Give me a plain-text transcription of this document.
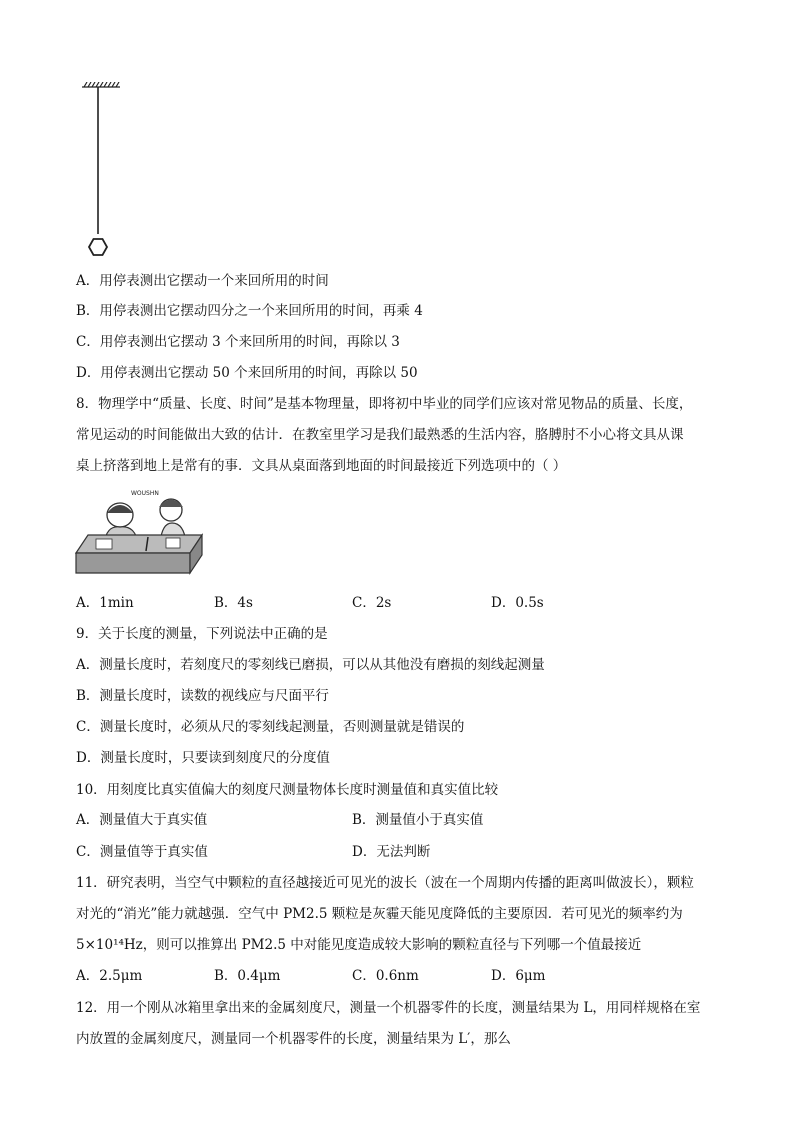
A．用停表测出它摆动一个来回所用的时间
B．用停表测出它摆动四分之一个来回所用的时间，再乘 4
C．用停表测出它摆动 3 个来回所用的时间，再除以 3
D．用停表测出它摆动 50 个来回所用的时间，再除以 50
8．物理学中“质量、长度、时间”是基本物理量，即将初中毕业的同学们应该对常见物品的质量、长度，
常见运动的时间能做出大致的估计．在教室里学习是我们最熟悉的生活内容，胳膊肘不小心将文具从课
桌上挤落到地上是常有的事．文具从桌面落到地面的时间最接近下列选项中的（ ）
WOUSHN
A．1min	B．4s	C．2s	D．0.5s
9．关于长度的测量，下列说法中正确的是
A．测量长度时，若刻度尺的零刻线已磨损，可以从其他没有磨损的刻线起测量
B．测量长度时，读数的视线应与尺面平行
C．测量长度时，必须从尺的零刻线起测量，否则测量就是错误的
D．测量长度时，只要读到刻度尺的分度值
10．用刻度比真实值偏大的刻度尺测量物体长度时测量值和真实值比较
A．测量值大于真实值	B．测量值小于真实值
C．测量值等于真实值	D．无法判断
11．研究表明，当空气中颗粒的直径越接近可见光的波长（波在一个周期内传播的距离叫做波长），颗粒
对光的“消光”能力就越强．空气中 PM2.5 颗粒是灰霾天能见度降低的主要原因．若可见光的频率约为
5×10¹⁴Hz，则可以推算出 PM2.5 中对能见度造成较大影响的颗粒直径与下列哪一个值最接近
A．2.5μm	B．0.4μm	C．0.6nm	D．6μm
12．用一个刚从冰箱里拿出来的金属刻度尺，测量一个机器零件的长度，测量结果为 L，用同样规格在室
内放置的金属刻度尺，测量同一个机器零件的长度，测量结果为 L′，那么
